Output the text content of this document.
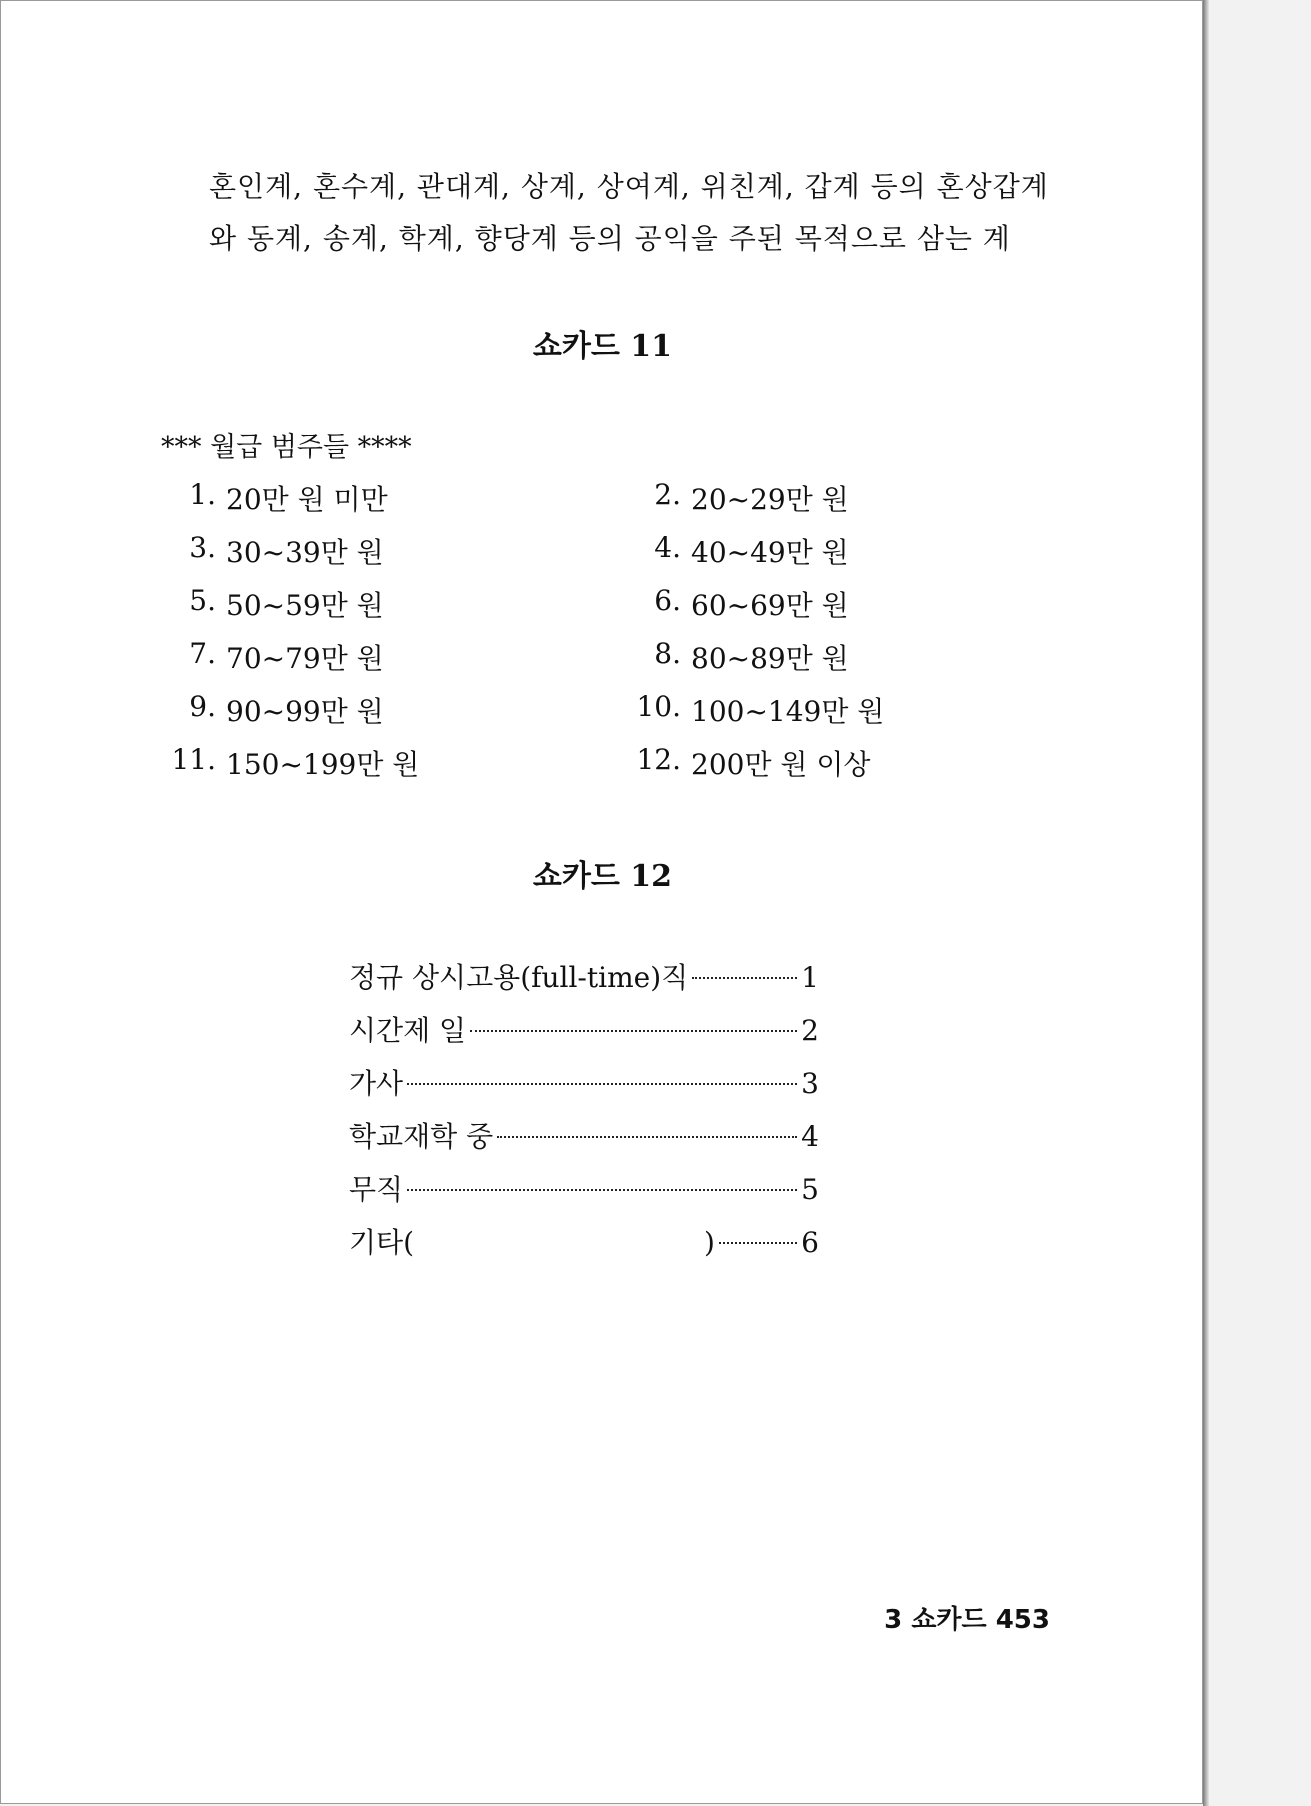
혼인계, 혼수계, 관대계, 상계, 상여계, 위친계, 갑계 등의 혼상갑계

와 동계, 송계, 학계, 향당계 등의 공익을 주된 목적으로 삼는 계

쇼카드 11
*** 월급 범주들 ****
1. 20만 원 미만	2. 20~29만 원
3. 30~39만 원	4. 40~49만 원
5. 50~59만 원	6. 60~69만 원
7. 70~79만 원	8. 80~89만 원
9. 90~99만 원	10. 100~149만 원
11. 150~199만 원	12. 200만 원 이상
쇼카드 12
정규 상시고용(full-time)직	1
시간제 일	2
가사	3
학교재학 중	4
무직	5
기타(	)	6
3 쇼카드 453
